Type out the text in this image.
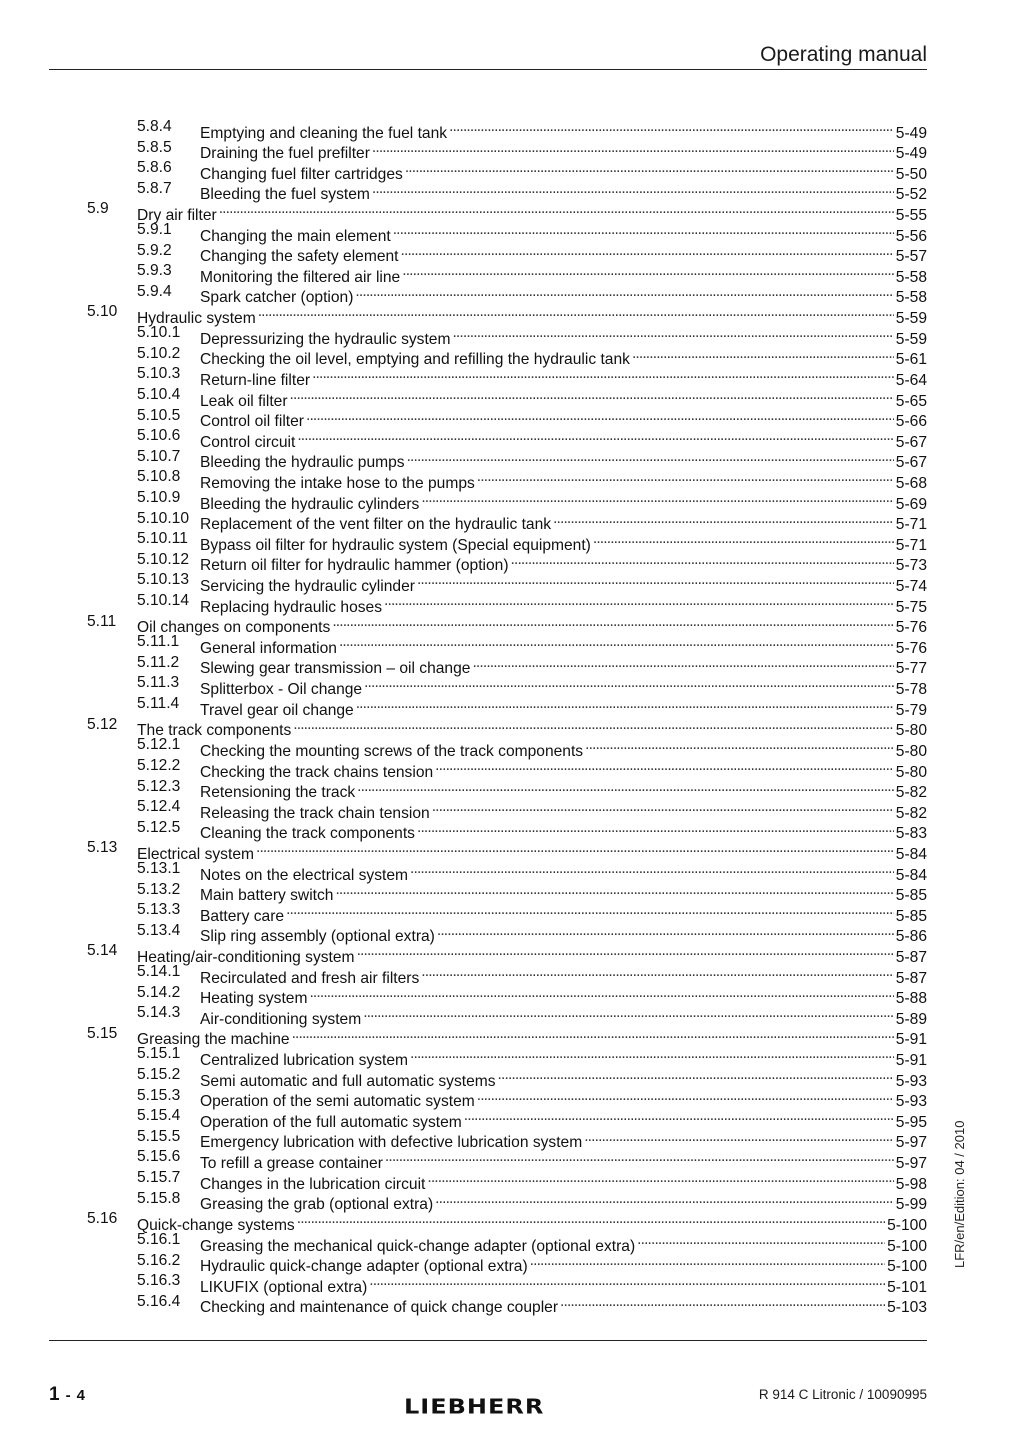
Operating manual
5.8.4 Emptying and cleaning the fuel tank . . .	5-49
5.8.5 Draining the fuel prefilter . . .	5-49
5.8.6 Changing fuel filter cartridges . . .	5-50
5.8.7 Bleeding the fuel system . . .	5-52
5.9 Dry air filter . . .	5-55
5.9.1 Changing the main element . . .	5-56
5.9.2 Changing the safety element . . .	5-57
5.9.3 Monitoring the filtered air line . . .	5-58
5.9.4 Spark catcher (option) . . .	5-58
5.10 Hydraulic system . . .	5-59
5.10.1 Depressurizing the hydraulic system . . .	5-59
5.10.2 Checking the oil level, emptying and refilling the hydraulic tank . . .	5-61
5.10.3 Return-line filter . . .	5-64
5.10.4 Leak oil filter . . .	5-65
5.10.5 Control oil filter . . .	5-66
5.10.6 Control circuit . . .	5-67
5.10.7 Bleeding the hydraulic pumps . . .	5-67
5.10.8 Removing the intake hose to the pumps . . .	5-68
5.10.9 Bleeding the hydraulic cylinders . . .	5-69
5.10.10 Replacement of the vent filter on the hydraulic tank . . .	5-71
5.10.11 Bypass oil filter for hydraulic system (Special equipment) . . .	5-71
5.10.12 Return oil filter for hydraulic hammer (option) . . .	5-73
5.10.13 Servicing the hydraulic cylinder . . .	5-74
5.10.14 Replacing hydraulic hoses . . .	5-75
5.11 Oil changes on components . . .	5-76
5.11.1 General information . . .	5-76
5.11.2 Slewing gear transmission – oil change . . .	5-77
5.11.3 Splitterbox - Oil change . . .	5-78
5.11.4 Travel gear oil change . . .	5-79
5.12 The track components . . .	5-80
5.12.1 Checking the mounting screws of the track components . . .	5-80
5.12.2 Checking the track chains tension . . .	5-80
5.12.3 Retensioning the track . . .	5-82
5.12.4 Releasing the track chain tension . . .	5-82
5.12.5 Cleaning the track components . . .	5-83
5.13 Electrical system . . .	5-84
5.13.1 Notes on the electrical system . . .	5-84
5.13.2 Main battery switch . . .	5-85
5.13.3 Battery care . . .	5-85
5.13.4 Slip ring assembly (optional extra) . . .	5-86
5.14 Heating/air-conditioning system . . .	5-87
5.14.1 Recirculated and fresh air filters . . .	5-87
5.14.2 Heating system . . .	5-88
5.14.3 Air-conditioning system . . .	5-89
5.15 Greasing the machine . . .	5-91
5.15.1 Centralized lubrication system . . .	5-91
5.15.2 Semi automatic and full automatic systems . . .	5-93
5.15.3 Operation of the semi automatic system . . .	5-93
5.15.4 Operation of the full automatic system . . .	5-95
5.15.5 Emergency lubrication with defective lubrication system . . .	5-97
5.15.6 To refill a grease container . . .	5-97
5.15.7 Changes in the lubrication circuit . . .	5-98
5.15.8 Greasing the grab (optional extra) . . .	5-99
5.16 Quick-change systems . . .	5-100
5.16.1 Greasing the mechanical quick-change adapter (optional extra) . . .	5-100
5.16.2 Hydraulic quick-change adapter (optional extra) . . .	5-100
5.16.3 LIKUFIX (optional extra) . . .	5-101
5.16.4 Checking and maintenance of quick change coupler . . .	5-103
LFR/en/Edition: 04 / 2010
1 - 4	LIEBHERR
R 914 C Litronic / 10090995
